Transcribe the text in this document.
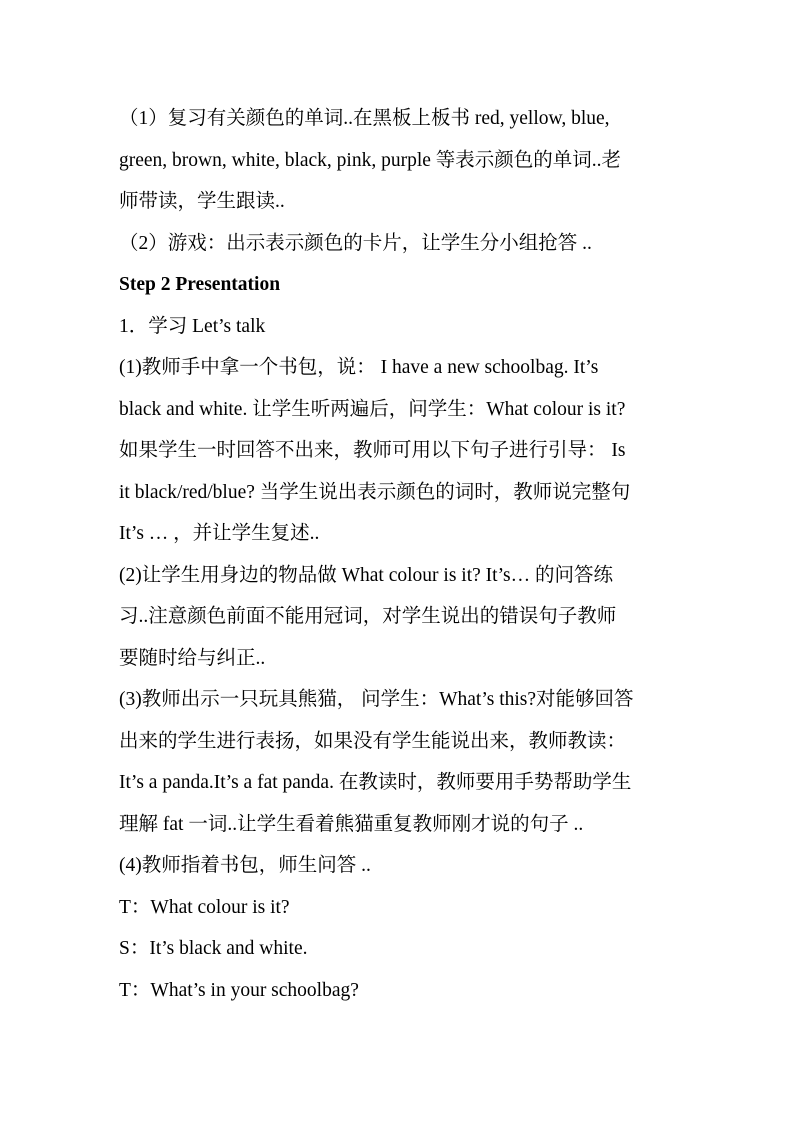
（1）复习有关颜色的单词..在黑板上板书 red, yellow, blue,
green, brown, white, black, pink, purple 等表示颜色的单词..老
师带读，学生跟读..
（2）游戏：出示表示颜色的卡片，让学生分小组抢答 ..
Step 2 Presentation
1．学习 Let’s talk
(1)教师手中拿一个书包，说： I have a new schoolbag. It’s
black and white. 让学生听两遍后，问学生：What colour is it?
如果学生一时回答不出来，教师可用以下句子进行引导： Is
it black/red/blue? 当学生说出表示颜色的词时，教师说完整句
It’s … ，并让学生复述..
(2)让学生用身边的物品做 What colour is it? It’s… 的问答练
习..注意颜色前面不能用冠词，对学生说出的错误句子教师
要随时给与纠正..
(3)教师出示一只玩具熊猫， 问学生：What’s this?对能够回答
出来的学生进行表扬，如果没有学生能说出来，教师教读：
It’s a panda.It’s a fat panda. 在教读时，教师要用手势帮助学生
理解 fat 一词..让学生看着熊猫重复教师刚才说的句子 ..
(4)教师指着书包，师生问答 ..
T：What colour is it?
S：It’s black and white.
T：What’s in your schoolbag?
